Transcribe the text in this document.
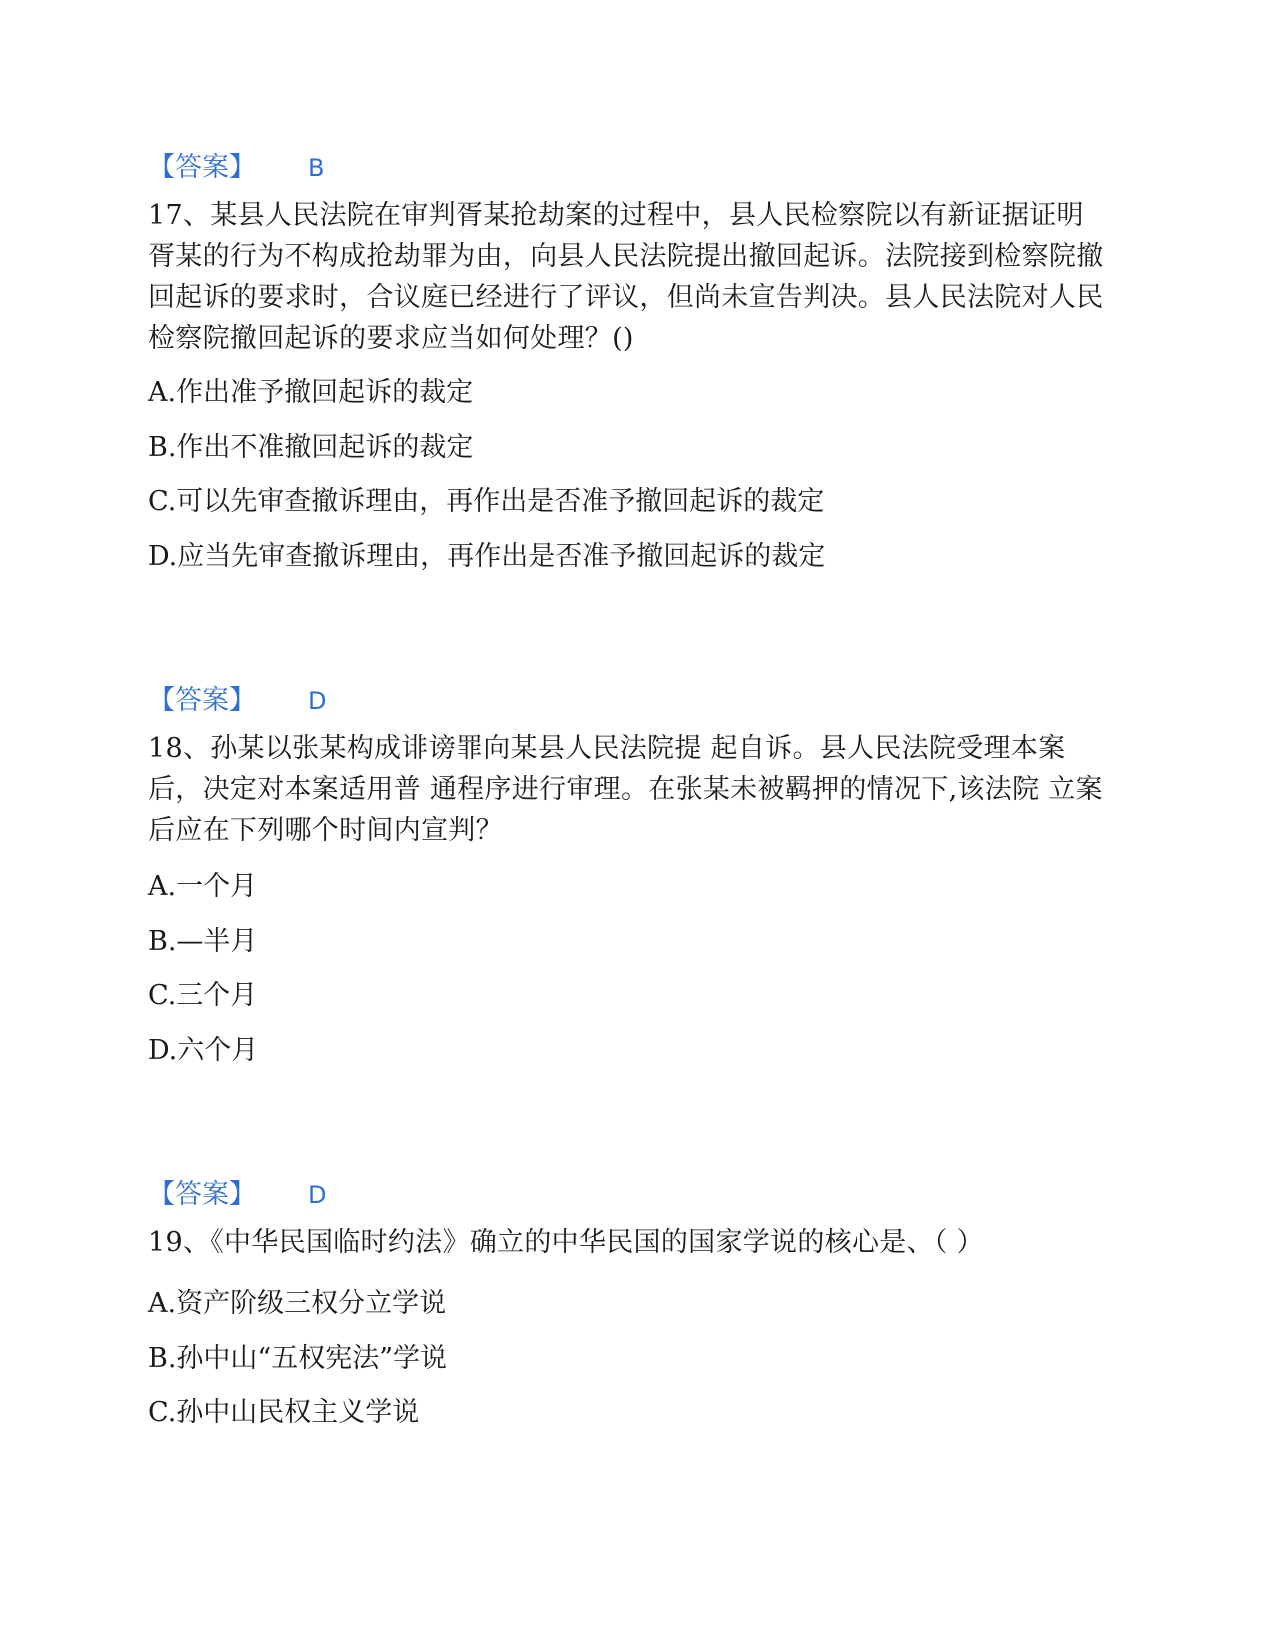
【答案】 B

17、某县人民法院在审判胥某抢劫案的过程中，县人民检察院以有新证据证明胥某的行为不构成抢劫罪为由，向县人民法院提出撤回起诉。法院接到检察院撤回起诉的要求时，合议庭已经进行了评议，但尚未宣告判决。县人民法院对人民检察院撤回起诉的要求应当如何处理？()

A.作出准予撤回起诉的裁定

B.作出不准撤回起诉的裁定

C.可以先审查撤诉理由，再作出是否准予撤回起诉的裁定

D.应当先审查撤诉理由，再作出是否准予撤回起诉的裁定

【答案】 D

18、孙某以张某构成诽谤罪向某县人民法院提 起自诉。县人民法院受理本案后，决定对本案适用普 通程序进行审理。在张某未被羁押的情况下,该法院 立案后应在下列哪个时间内宣判？

A.一个月

B.—半月

C.三个月

D.六个月

【答案】 D

19、《中华民国临时约法》确立的中华民国的国家学说的核心是、（ ）

A.资产阶级三权分立学说

B.孙中山“五权宪法”学说

C.孙中山民权主义学说
